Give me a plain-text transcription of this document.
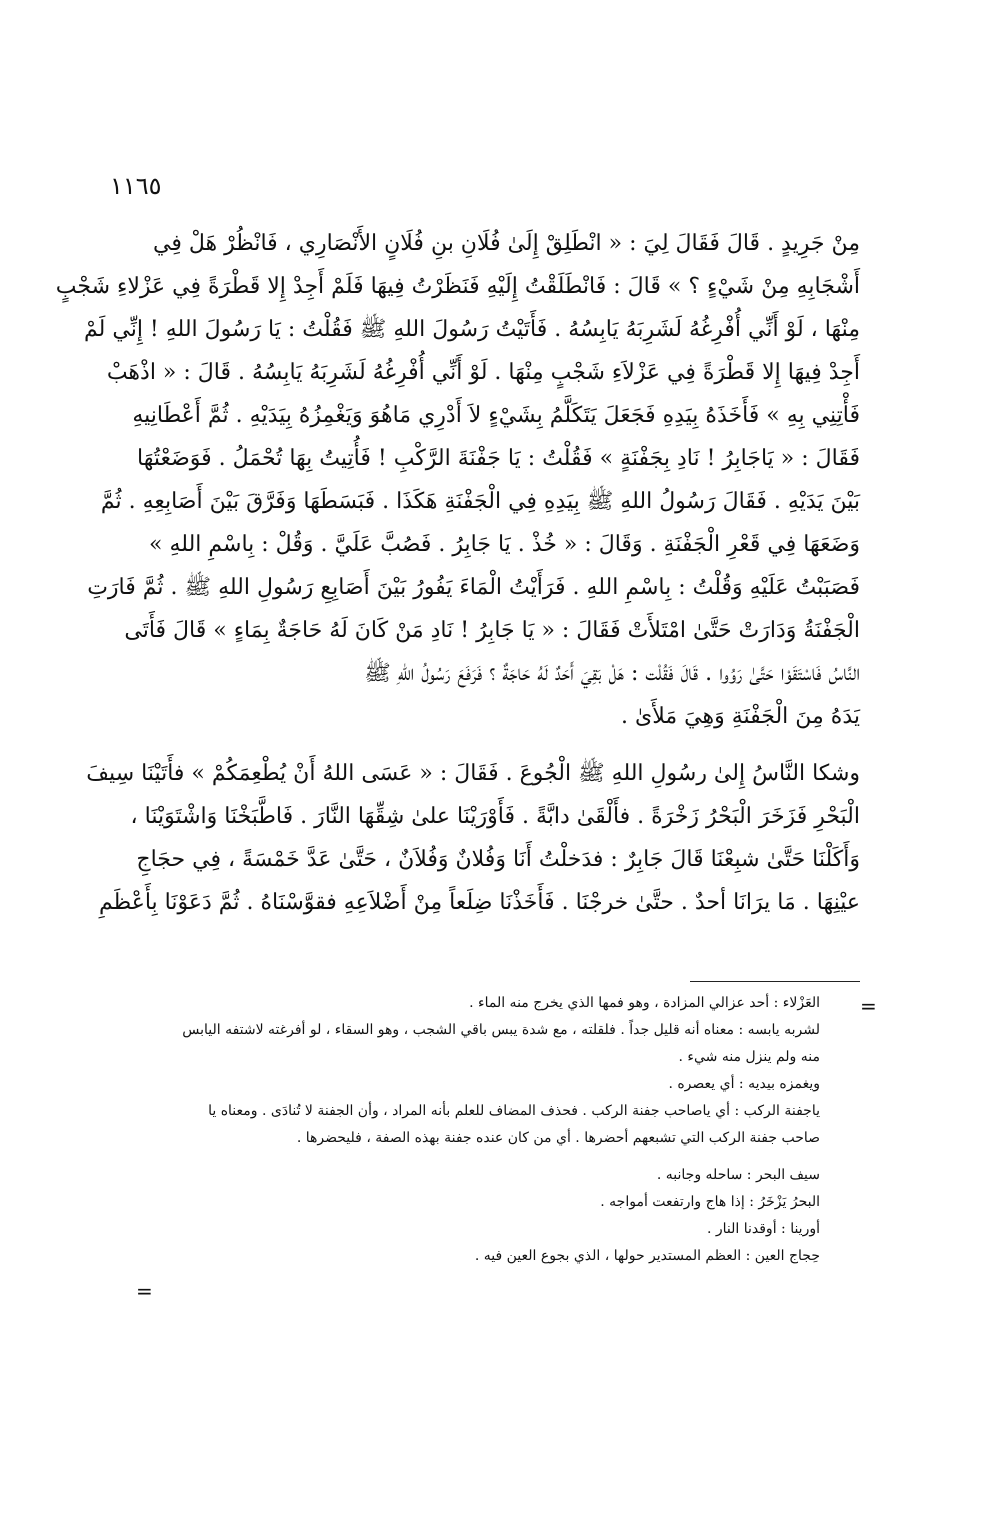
١١٦٥
مِنْ جَرِيدٍ . قَالَ فَقَالَ لِيَ : « انْطَلِقْ إِلَىٰ فُلَانِ بنِ فُلَانٍ الأَنْصَارِي ، فَانْظُرْ هَلْ فِي
أَشْجَابِهِ مِنْ شَيْءٍ ؟ » قَالَ : فَانْطَلَقْتُ إِلَيْهِ فَنَظَرْتُ فِيهَا فَلَمْ أَجِدْ إِلا قَطْرَةً فِي عَزْلاءِ شَجْبٍ
مِنْهَا ، لَوْ أَنِّي أُفْرِغُهُ لَشَرِبَهُ يَابِسُهُ . فَأَتَيْتُ رَسُولَ اللهِ ﷺ فَقُلْتُ : يَا رَسُولَ اللهِ ! إِنِّي لَمْ
أَجِدْ فِيهَا إِلا قَطْرَةً فِي عَزْلاَءِ شَجْبٍ مِنْهَا . لَوْ أَنِّي أُفْرِغُهُ لَشَرِبَهُ يَابِسُهُ . قَالَ : « اذْهَبْ
فَأْتِنِي بِهِ » فَأَخَذَهُ بِيَدِهِ فَجَعَلَ يَتَكَلَّمُ بِشَيْءٍ لاَ أَدْرِي مَاهُوَ وَيَغْمِزُهُ بِيَدَيْهِ . ثُمَّ أَعْطَانِيهِ
فَقَالَ : « يَاجَابِرُ ! نَادِ بِجَفْنَةٍ » فَقُلْتُ : يَا جَفْنَةَ الرَّكْبِ ! فَأُتِيتُ بِهَا تُحْمَلُ . فَوَضَعْتُهَا
بَيْنَ يَدَيْهِ . فَقَالَ رَسُولُ اللهِ ﷺ بِيَدِهِ فِي الْجَفْنَةِ هَكَذَا . فَبَسَطَهَا وَفَرَّقَ بَيْنَ أَصَابِعِهِ . ثُمَّ
وَضَعَهَا فِي قَعْرِ الْجَفْنَةِ . وَقَالَ : « خُذْ . يَا جَابِرُ . فَصُبَّ عَلَيَّ . وَقُلْ : بِاسْمِ اللهِ »
فَصَبَبْتُ عَلَيْهِ وَقُلْتُ : بِاسْمِ اللهِ . فَرَأَيْتُ الْمَاءَ يَفُورُ بَيْنَ أَصَابِعِ رَسُولِ اللهِ ﷺ . ثُمَّ فَارَتِ
الْجَفْنَةُ وَدَارَتْ حَتَّىٰ امْتَلأَتْ فَقَالَ : « يَا جَابِرُ ! نَادِ مَنْ كَانَ لَهُ حَاجَةٌ بِمَاءٍ » قَالَ فَأَتَى
النَّاسُ فَاسْتَقَوْا حَتَّىٰ رَوُوا . قَالَ فَقُلْت : هَلْ بَقِيَ أَحَدٌ لَهُ حَاجَةٌ ؟ فَرَفَعَ رَسُولُ اللهِ ﷺ
يَدَهُ مِنَ الْجَفْنَةِ وَهِيَ مَلأَىٰ .
وشكا النَّاسُ إِلىٰ رسُولِ اللهِ ﷺ الْجُوعَ . فَقَالَ : « عَسَى اللهُ أَنْ يُطْعِمَكُمْ » فأَتَيْنَا سِيفَ
الْبَحْرِ فَزَخَرَ الْبَحْرُ زَخْرَةً . فأَلْقَىٰ دابَّةً . فَأَوْرَيْنَا علىٰ شِقِّهَا النَّارَ . فَاطَّبَخْنَا وَاشْتَوَيْنَا ،
وَأَكَلْنَا حَتَّىٰ شبِعْنَا قَالَ جَابِرٌ : فدَخلْتُ أَنَا وَفُلانٌ وَفُلاَنٌ ، حَتَّىٰ عَدَّ خَمْسَةً ، فِي حجَاجِ
عيْنِهَا . مَا يرَانَا أحدٌ . حتَّىٰ خرجْنَا . فَأَخَذْنَا ضِلَعاً مِنْ أَضْلاَعِهِ فقوَّسْنَاهُ . ثُمَّ دَعَوْنَا بِأَعْظَمِ
=
العَزْلاء : أحد عزالي المزادة ، وهو فمها الذي يخرج منه الماء .
لشربه يابسه : معناه أنه قليل جداً . فلقلته ، مع شدة يبس باقي الشجب ، وهو السقاء ، لو أفرغته لاشتفه اليابس
منه ولم ينزل منه شيء .
ويغمزه بيديه : أي يعصره .
ياجفنة الركب : أي ياصاحب جفنة الركب . فحذف المضاف للعلم بأنه المراد ، وأن الجفنة لا تُنادَى . ومعناه يا
صاحب جفنة الركب التي تشبعهم أحضرها . أي من كان عنده جفنة بهذه الصفة ، فليحضرها .
سيف البحر : ساحله وجانبه .
البحرُ يَزْخَرُ : إذا هاج وارتفعت أمواجه .
أورينا : أوقدنا النار .
حِجاج العين : العظم المستدير حولها ، الذي بجوع العين فيه .
=
